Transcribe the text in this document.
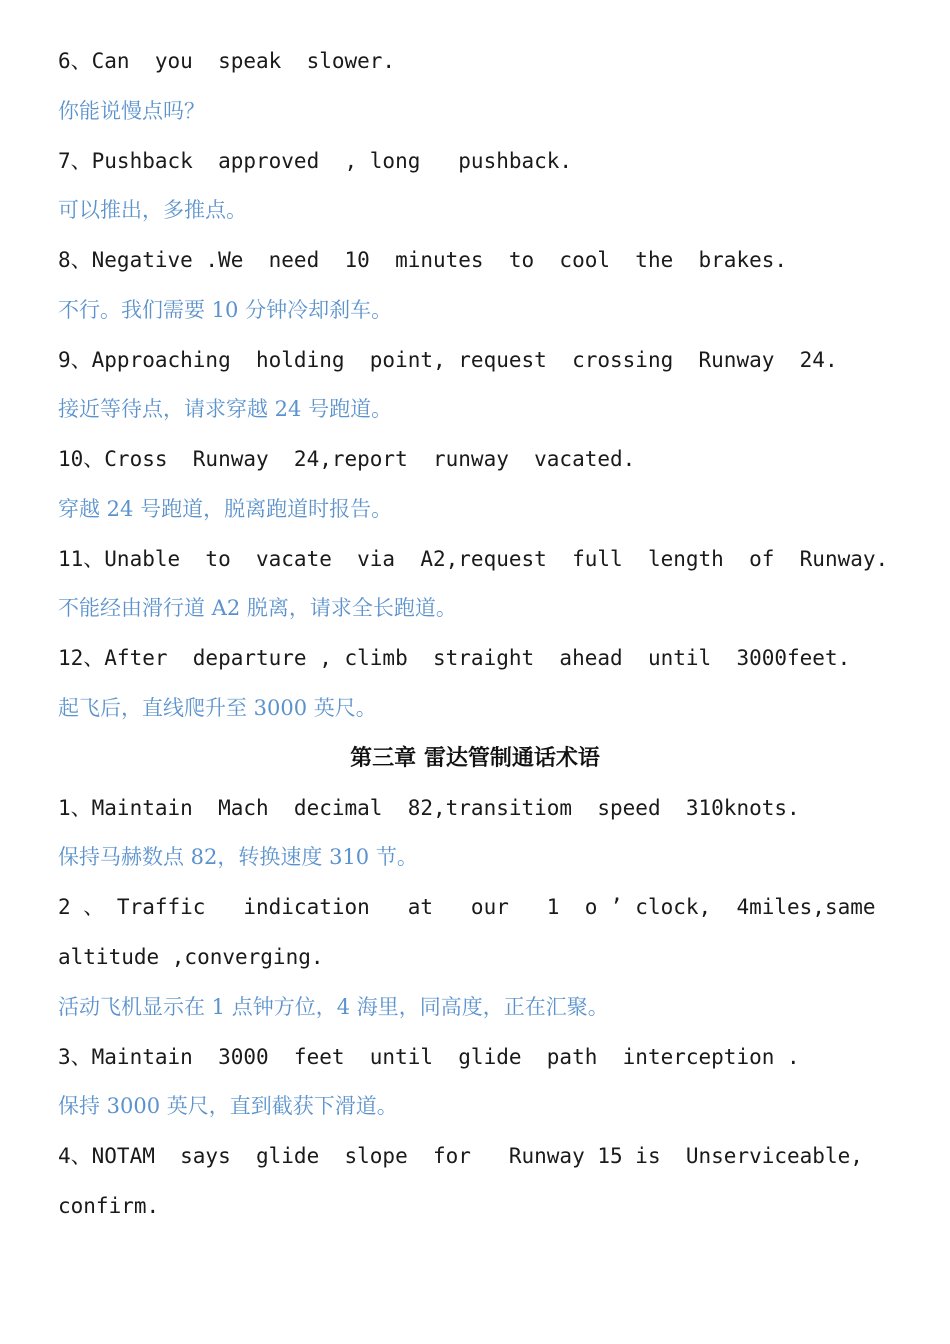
6、Can  you  speak  slower.

你能说慢点吗？

7、Pushback  approved  , long   pushback.

可以推出，多推点。

8、Negative .We  need  10  minutes  to  cool  the  brakes.

不行。我们需要 10 分钟冷却刹车。

9、Approaching  holding  point, request  crossing  Runway  24.

接近等待点，请求穿越 24 号跑道。

10、Cross  Runway  24,report  runway  vacated.

穿越 24 号跑道，脱离跑道时报告。

11、Unable  to  vacate  via  A2,request  full  length  of  Runway.

不能经由滑行道 A2 脱离，请求全长跑道。

12、After  departure , climb  straight  ahead  until  3000feet.

起飞后，直线爬升至 3000 英尺。

第三章 雷达管制通话术语

1、Maintain  Mach  decimal  82,transitiom  speed  310knots.

保持马赫数点 82，转换速度 310 节。

2 、 Traffic   indication   at   our   1  o ’ clock,  4miles,same

altitude ,converging.

活动飞机显示在 1 点钟方位，4 海里，同高度，正在汇聚。

3、Maintain  3000  feet  until  glide  path  interception .

保持 3000 英尺，直到截获下滑道。

4、NOTAM  says  glide  slope  for   Runway 15 is  Unserviceable,

confirm.
